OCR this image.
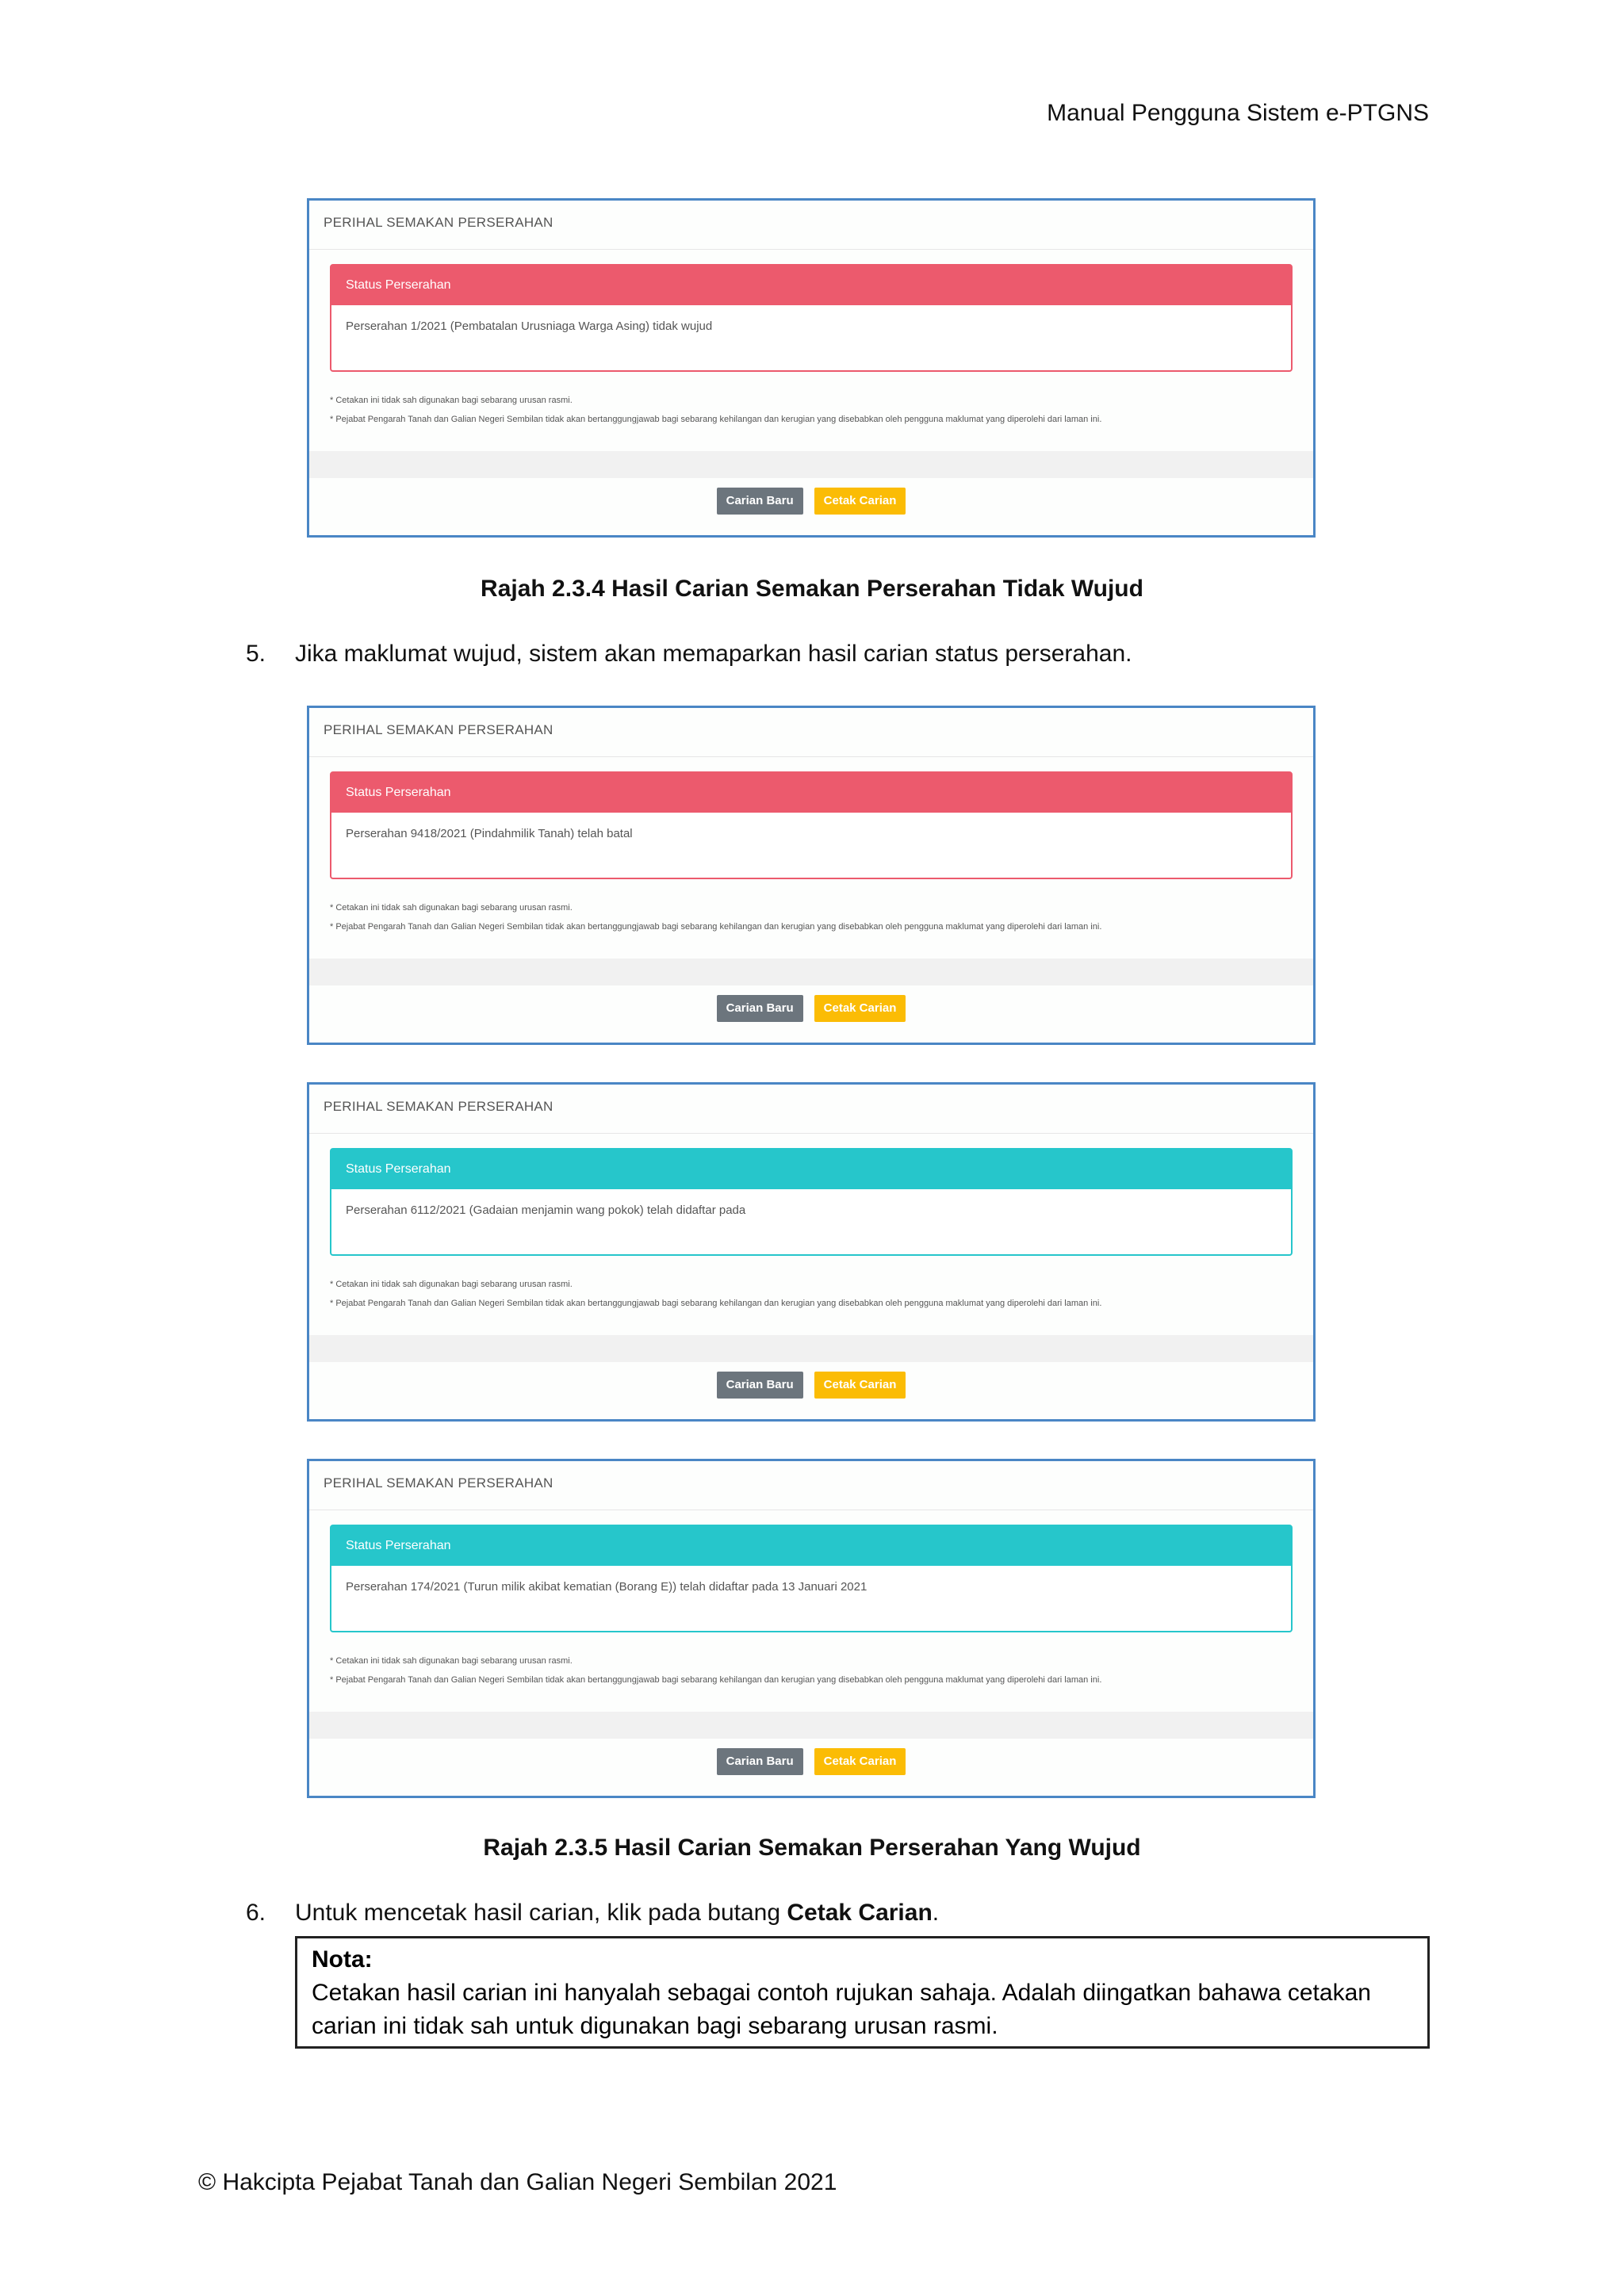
Manual Pengguna Sistem e-PTGNS
PERIHAL SEMAKAN PERSERAHAN
Status Perserahan
Perserahan 1/2021 (Pembatalan Urusniaga Warga Asing) tidak wujud
* Cetakan ini tidak sah digunakan bagi sebarang urusan rasmi.
* Pejabat Pengarah Tanah dan Galian Negeri Sembilan tidak akan bertanggungjawab bagi sebarang kehilangan dan kerugian yang disebabkan oleh pengguna maklumat yang diperolehi dari laman ini.
Carian Baru	Cetak Carian
Rajah 2.3.4 Hasil Carian Semakan Perserahan Tidak Wujud
5. Jika maklumat wujud, sistem akan memaparkan hasil carian status perserahan.
PERIHAL SEMAKAN PERSERAHAN
Status Perserahan
Perserahan 9418/2021 (Pindahmilik Tanah) telah batal
* Cetakan ini tidak sah digunakan bagi sebarang urusan rasmi.
* Pejabat Pengarah Tanah dan Galian Negeri Sembilan tidak akan bertanggungjawab bagi sebarang kehilangan dan kerugian yang disebabkan oleh pengguna maklumat yang diperolehi dari laman ini.
Carian Baru	Cetak Carian
PERIHAL SEMAKAN PERSERAHAN
Status Perserahan
Perserahan 6112/2021 (Gadaian menjamin wang pokok) telah didaftar pada
* Cetakan ini tidak sah digunakan bagi sebarang urusan rasmi.
* Pejabat Pengarah Tanah dan Galian Negeri Sembilan tidak akan bertanggungjawab bagi sebarang kehilangan dan kerugian yang disebabkan oleh pengguna maklumat yang diperolehi dari laman ini.
Carian Baru	Cetak Carian
PERIHAL SEMAKAN PERSERAHAN
Status Perserahan
Perserahan 174/2021 (Turun milik akibat kematian (Borang E)) telah didaftar pada 13 Januari 2021
* Cetakan ini tidak sah digunakan bagi sebarang urusan rasmi.
* Pejabat Pengarah Tanah dan Galian Negeri Sembilan tidak akan bertanggungjawab bagi sebarang kehilangan dan kerugian yang disebabkan oleh pengguna maklumat yang diperolehi dari laman ini.
Carian Baru	Cetak Carian
Rajah 2.3.5 Hasil Carian Semakan Perserahan Yang Wujud
6. Untuk mencetak hasil carian, klik pada butang Cetak Carian.
Nota:
Cetakan hasil carian ini hanyalah sebagai contoh rujukan sahaja. Adalah diingatkan bahawa cetakan carian ini tidak sah untuk digunakan bagi sebarang urusan rasmi.
© Hakcipta Pejabat Tanah dan Galian Negeri Sembilan 2021
